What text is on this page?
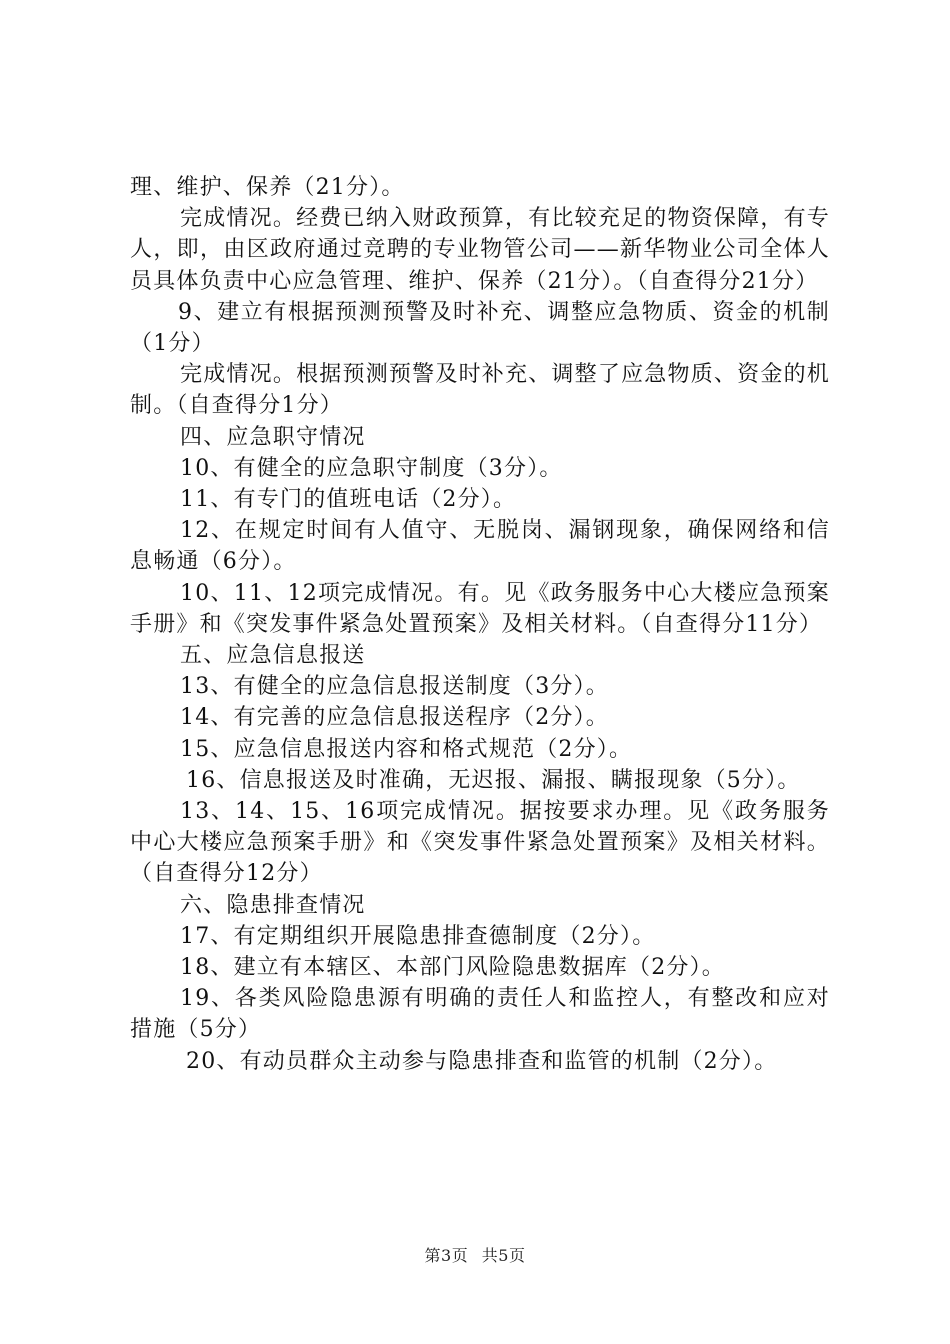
理、维护、保养（21分）。

完成情况。经费已纳入财政预算，有比较充足的物资保障，有专人，即，由区政府通过竞聘的专业物管公司——新华物业公司全体人员具体负责中心应急管理、维护、保养（21分）。（自查得分21分）

9、建立有根据预测预警及时补充、调整应急物质、资金的机制（1分）

完成情况。根据预测预警及时补充、调整了应急物质、资金的机制。（自查得分1分）

四、应急职守情况

10、有健全的应急职守制度（3分）。

11、有专门的值班电话（2分）。

12、在规定时间有人值守、无脱岗、漏钢现象，确保网络和信息畅通（6分）。

10、11、12项完成情况。有。见《政务服务中心大楼应急预案手册》和《突发事件紧急处置预案》及相关材料。（自查得分11分）

五、应急信息报送

13、有健全的应急信息报送制度（3分）。

14、有完善的应急信息报送程序（2分）。

15、应急信息报送内容和格式规范（2分）。

16、信息报送及时准确，无迟报、漏报、瞒报现象（5分）。

13、14、15、16项完成情况。据按要求办理。见《政务服务中心大楼应急预案手册》和《突发事件紧急处置预案》及相关材料。（自查得分12分）

六、隐患排查情况

17、有定期组织开展隐患排查德制度（2分）。

18、建立有本辖区、本部门风险隐患数据库（2分）。

19、各类风险隐患源有明确的责任人和监控人，有整改和应对措施（5分）

20、有动员群众主动参与隐患排查和监管的机制（2分）。

第3页 共5页
